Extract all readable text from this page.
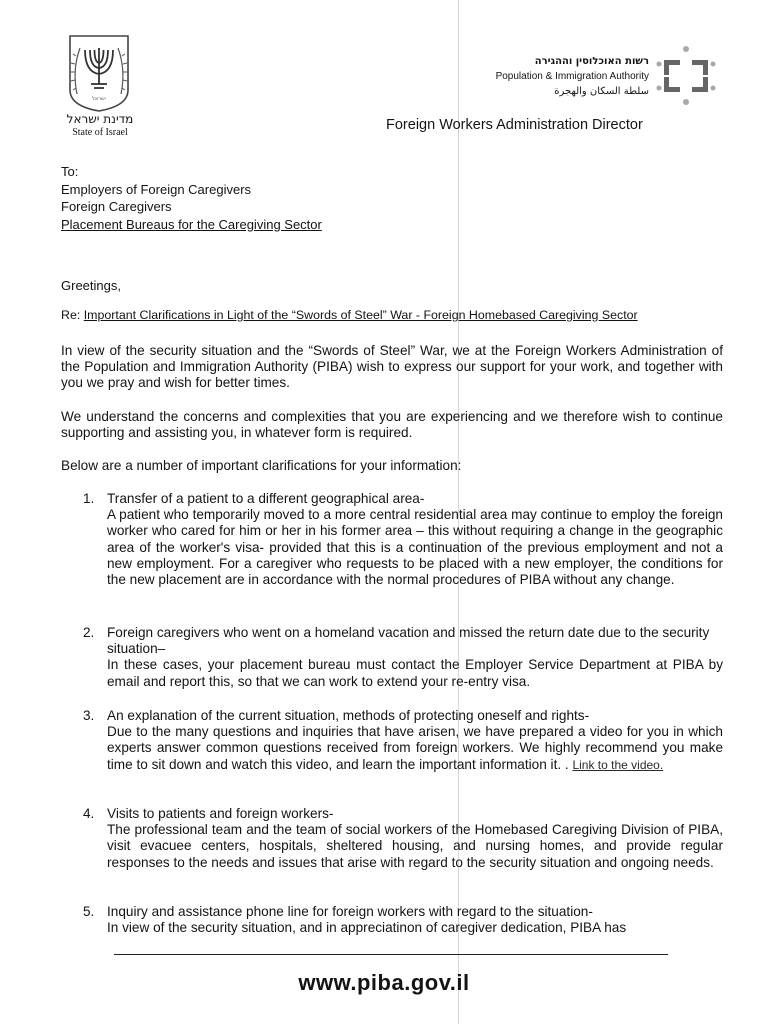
ישראל
מדינת ישראל
State of Israel
רשות האוכלוסין וההגירה
Population & Immigration Authority
سلطة السكان والهجرة
Foreign Workers Administration Director
To:
Employers of Foreign Caregivers
Foreign Caregivers
Placement Bureaus for the Caregiving Sector
Greetings,
Re: Important Clarifications in Light of the “Swords of Steel” War - Foreign Homebased Caregiving Sector
In view of the security situation and the “Swords of Steel” War, we at the Foreign Workers Administration of the Population and Immigration Authority (PIBA) wish to express our support for your work, and together with you we pray and wish for better times.
We understand the concerns and complexities that you are experiencing and we therefore wish to continue supporting and assisting you, in whatever form is required.
Below are a number of important clarifications for your information:
1. Transfer of a patient to a different geographical area-
A patient who temporarily moved to a more central residential area may continue to employ the foreign worker who cared for him or her in his former area – this without requiring a change in the geographic area of the worker's visa- provided that this is a continuation of the previous employment and not a new employment. For a caregiver who requests to be placed with a new employer, the conditions for the new placement are in accordance with the normal procedures of PIBA without any change.
2. Foreign caregivers who went on a homeland vacation and missed the return date due to the security situation–
In these cases, your placement bureau must contact the Employer Service Department at PIBA by email and report this, so that we can work to extend your re-entry visa.
3. An explanation of the current situation, methods of protecting oneself and rights-
Due to the many questions and inquiries that have arisen, we have prepared a video for you in which experts answer common questions received from foreign workers. We highly recommend you make time to sit down and watch this video, and learn the important information it. . Link to the video.
4. Visits to patients and foreign workers-
The professional team and the team of social workers of the Homebased Caregiving Division of PIBA, visit evacuee centers, hospitals, sheltered housing, and nursing homes, and provide regular responses to the needs and issues that arise with regard to the security situation and ongoing needs.
5. Inquiry and assistance phone line for foreign workers with regard to the situation-
In view of the security situation, and in appreciatinon of caregiver dedication, PIBA has
www.piba.gov.il
